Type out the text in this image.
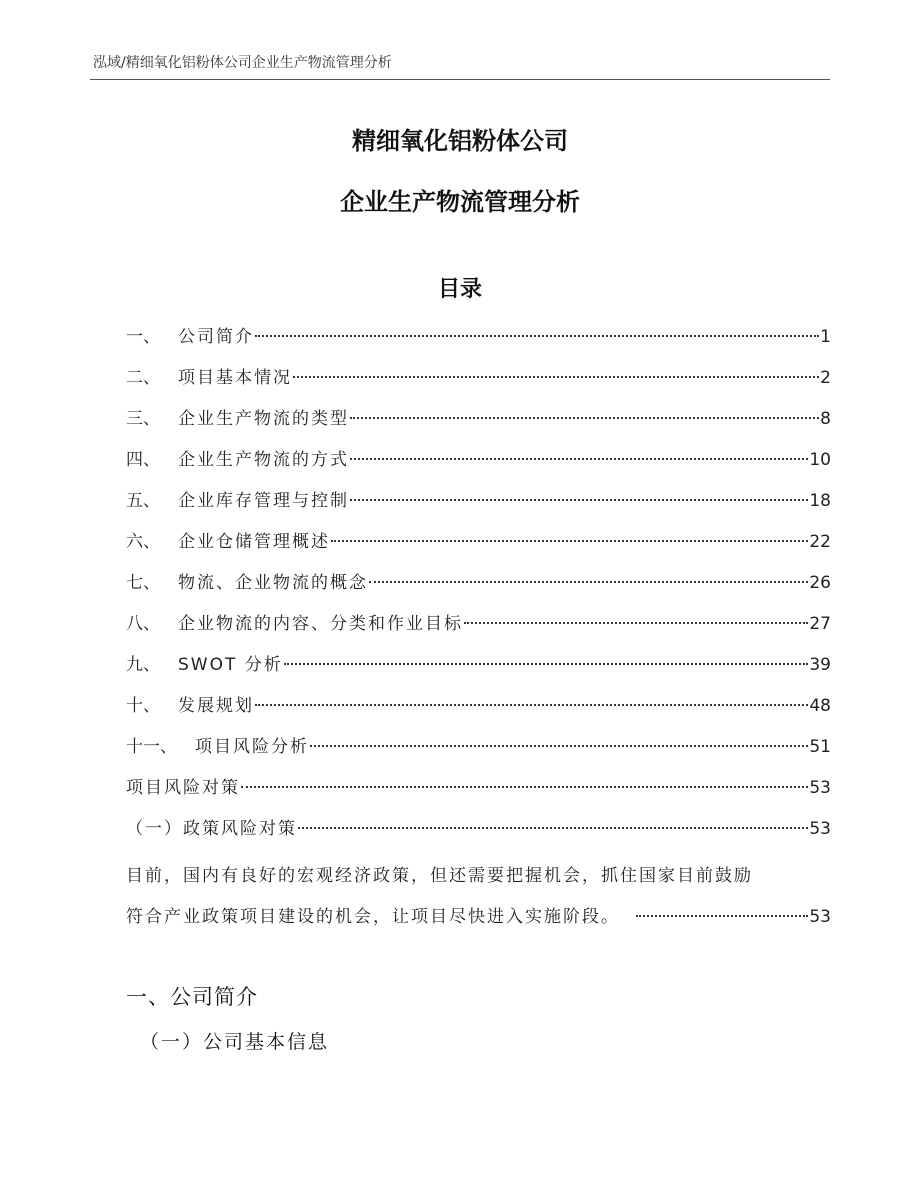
泓域/精细氧化铝粉体公司企业生产物流管理分析
精细氧化铝粉体公司
企业生产物流管理分析
目录
一、	公司简介	1
二、	项目基本情况	2
三、	企业生产物流的类型	8
四、	企业生产物流的方式	10
五、	企业库存管理与控制	18
六、	企业仓储管理概述	22
七、	物流、企业物流的概念	26
八、	企业物流的内容、分类和作业目标	27
九、	SWOT 分析	39
十、	发展规划	48
十一、	项目风险分析	51
项目风险对策	53
（一）政策风险对策	53
目前，国内有良好的宏观经济政策，但还需要把握机会，抓住国家目前鼓励
符合产业政策项目建设的机会，让项目尽快进入实施阶段。	53
一、公司简介
（一）公司基本信息
